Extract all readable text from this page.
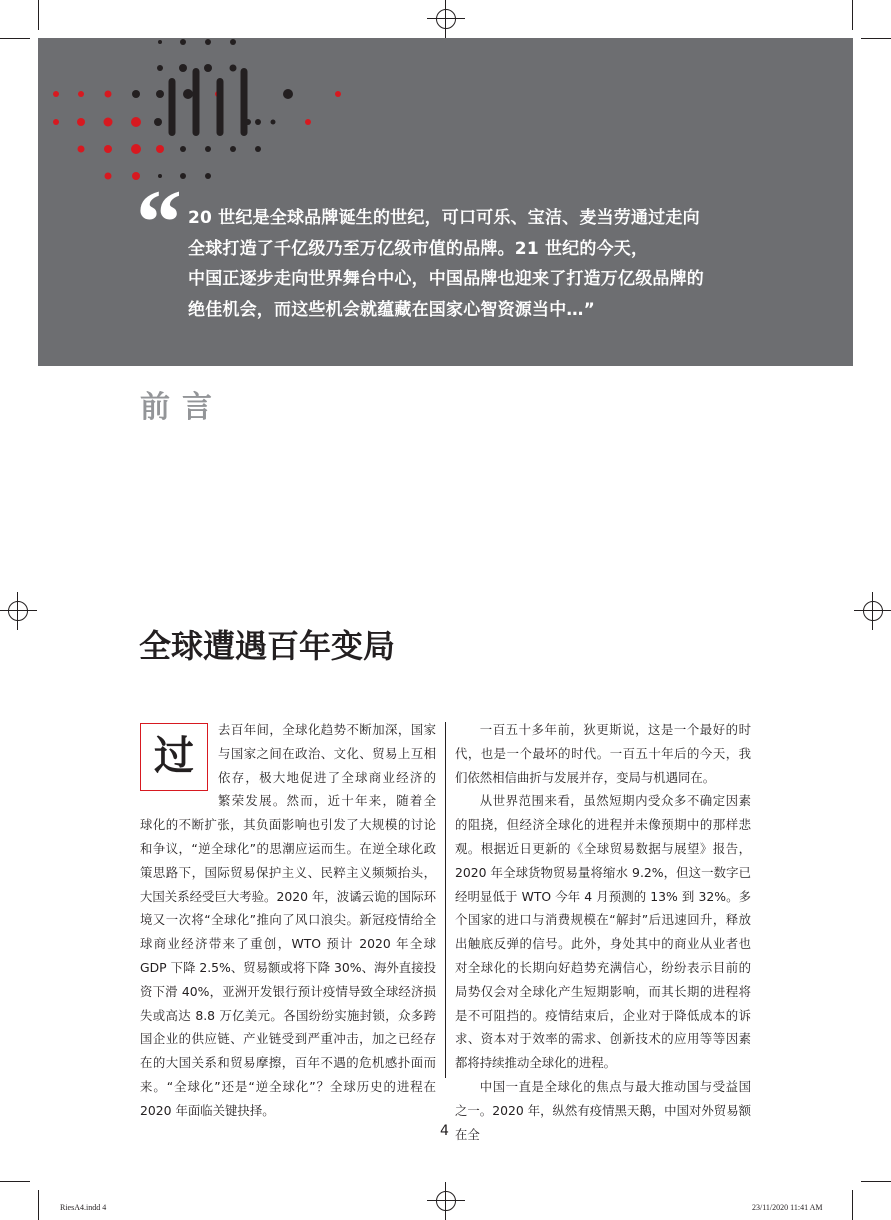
“ 20 世纪是全球品牌诞生的世纪，可口可乐、宝洁、麦当劳通过走向
全球打造了千亿级乃至万亿级市值的品牌。21 世纪的今天，
中国正逐步走向世界舞台中心，中国品牌也迎来了打造万亿级品牌的
绝佳机会，而这些机会就蕴藏在国家心智资源当中…”
前言
全球遭遇百年变局
过

去百年间，全球化趋势不断加深，国家

与国家之间在政治、文化、贸易上互相

依存，极大地促进了全球商业经济的

繁荣发展。然而，近十年来，随着全

球化的不断扩张，其负面影响也引发了大规模的讨论和争议，“逆全球化”的思潮应运而生。在逆全球化政策思路下，国际贸易保护主义、民粹主义频频抬头，大国关系经受巨大考验。2020 年，波谲云诡的国际环境又一次将“全球化”推向了风口浪尖。新冠疫情给全球商业经济带来了重创，WTO 预计 2020 年全球 GDP 下降 2.5%、贸易额或将下降 30%、海外直接投资下滑 40%，亚洲开发银行预计疫情导致全球经济损失或高达 8.8 万亿美元。各国纷纷实施封锁，众多跨国企业的供应链、产业链受到严重冲击，加之已经存在的大国关系和贸易摩擦，百年不遇的危机感扑面而来。“全球化”还是“逆全球化”？全球历史的进程在 2020 年面临关键抉择。

一百五十多年前，狄更斯说，这是一个最好的时代，也是一个最坏的时代。一百五十年后的今天，我们依然相信曲折与发展并存，变局与机遇同在。

从世界范围来看，虽然短期内受众多不确定因素的阻挠，但经济全球化的进程并未像预期中的那样悲观。根据近日更新的《全球贸易数据与展望》报告，2020 年全球货物贸易量将缩水 9.2%，但这一数字已经明显低于 WTO 今年 4 月预测的 13% 到 32%。多个国家的进口与消费规模在“解封”后迅速回升，释放出触底反弹的信号。此外，身处其中的商业从业者也对全球化的长期向好趋势充满信心，纷纷表示目前的局势仅会对全球化产生短期影响，而其长期的进程将是不可阻挡的。疫情结束后，企业对于降低成本的诉求、资本对于效率的需求、创新技术的应用等等因素都将持续推动全球化的进程。

中国一直是全球化的焦点与最大推动国与受益国之一。2020 年，纵然有疫情黑天鹅，中国对外贸易额在全

4
RiesA4.indd 4	23/11/2020 11:41 AM
